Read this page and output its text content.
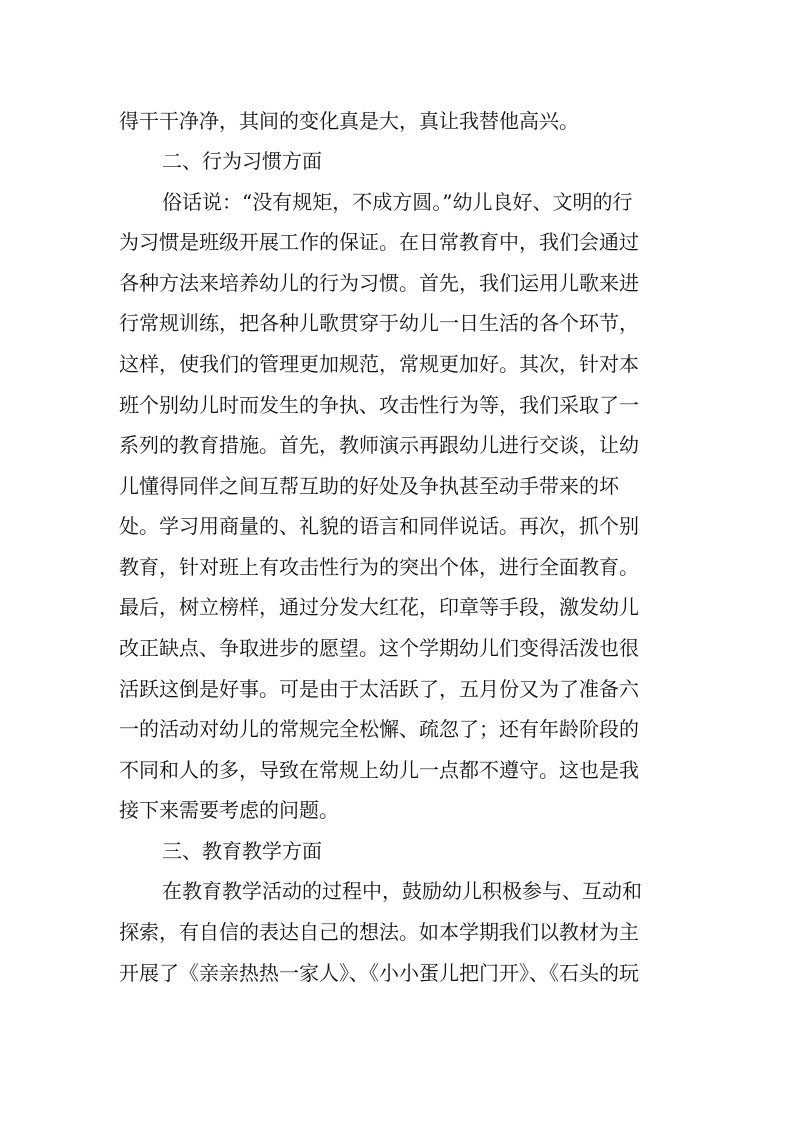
得干干净净，其间的变化真是大，真让我替他高兴。

二、行为习惯方面

俗话说：“没有规矩，不成方圆。”幼儿良好、文明的行

为习惯是班级开展工作的保证。在日常教育中，我们会通过

各种方法来培养幼儿的行为习惯。首先，我们运用儿歌来进

行常规训练，把各种儿歌贯穿于幼儿一日生活的各个环节，

这样，使我们的管理更加规范，常规更加好。其次，针对本

班个别幼儿时而发生的争执、攻击性行为等，我们采取了一

系列的教育措施。首先，教师演示再跟幼儿进行交谈，让幼

儿懂得同伴之间互帮互助的好处及争执甚至动手带来的坏

处。学习用商量的、礼貌的语言和同伴说话。再次，抓个别

教育，针对班上有攻击性行为的突出个体，进行全面教育。

最后，树立榜样，通过分发大红花，印章等手段，激发幼儿

改正缺点、争取进步的愿望。这个学期幼儿们变得活泼也很

活跃这倒是好事。可是由于太活跃了，五月份又为了准备六

一的活动对幼儿的常规完全松懈、疏忽了；还有年龄阶段的

不同和人的多，导致在常规上幼儿一点都不遵守。这也是我

接下来需要考虑的问题。

三、教育教学方面

在教育教学活动的过程中，鼓励幼儿积极参与、互动和

探索，有自信的表达自己的想法。如本学期我们以教材为主

开展了《亲亲热热一家人》、《小小蛋儿把门开》、《石头的玩
